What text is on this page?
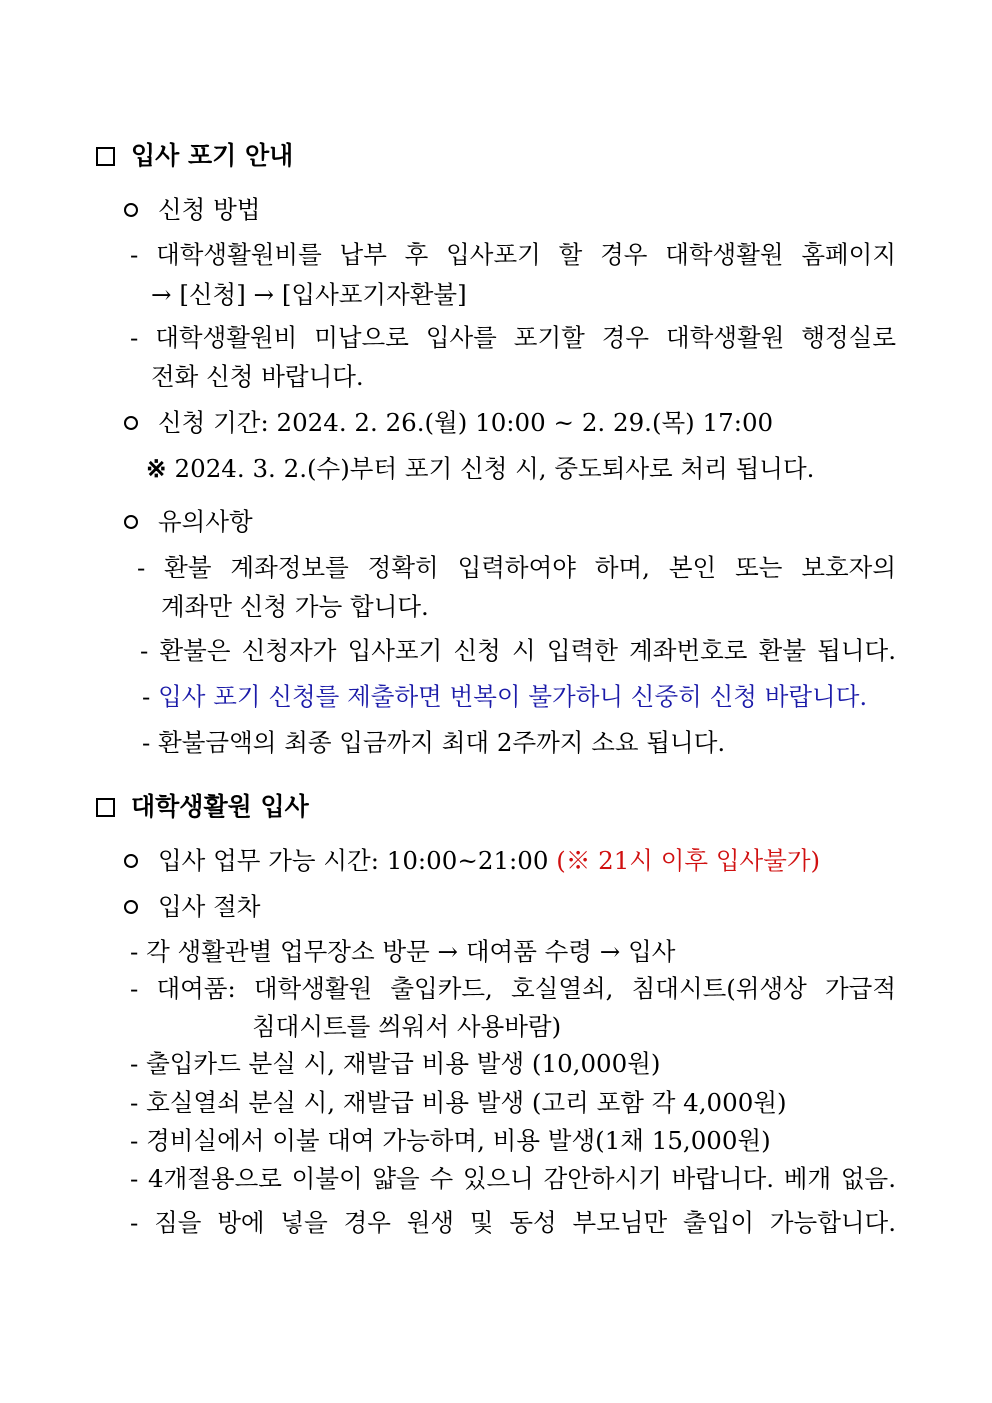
입사 포기 안내
신청 방법
- 대학생활원비를 납부 후 입사포기 할 경우 대학생활원 홈페이지
→ [신청] → [입사포기자환불]
- 대학생활원비 미납으로 입사를 포기할 경우 대학생활원 행정실로
전화 신청 바랍니다.
신청 기간: 2024. 2. 26.(월) 10:00 ~ 2. 29.(목) 17:00
※ 2024. 3. 2.(수)부터 포기 신청 시, 중도퇴사로 처리 됩니다.
유의사항
- 환불 계좌정보를 정확히 입력하여야 하며, 본인 또는 보호자의
계좌만 신청 가능 합니다.
- 환불은 신청자가 입사포기 신청 시 입력한 계좌번호로 환불 됩니다.
- 입사 포기 신청를 제출하면 번복이 불가하니 신중히 신청 바랍니다.
- 환불금액의 최종 입금까지 최대 2주까지 소요 됩니다.
대학생활원 입사
입사 업무 가능 시간: 10:00~21:00 (※ 21시 이후 입사불가)
입사 절차
- 각 생활관별 업무장소 방문 → 대여품 수령 → 입사
- 대여품: 대학생활원 출입카드, 호실열쇠, 침대시트(위생상 가급적
침대시트를 씌워서 사용바람)
- 출입카드 분실 시, 재발급 비용 발생 (10,000원)
- 호실열쇠 분실 시, 재발급 비용 발생 (고리 포함 각 4,000원)
- 경비실에서 이불 대여 가능하며, 비용 발생(1채 15,000원)
- 4개절용으로 이불이 얇을 수 있으니 감안하시기 바랍니다. 베개 없음.
- 짐을 방에 넣을 경우 원생 및 동성 부모님만 출입이 가능합니다.
